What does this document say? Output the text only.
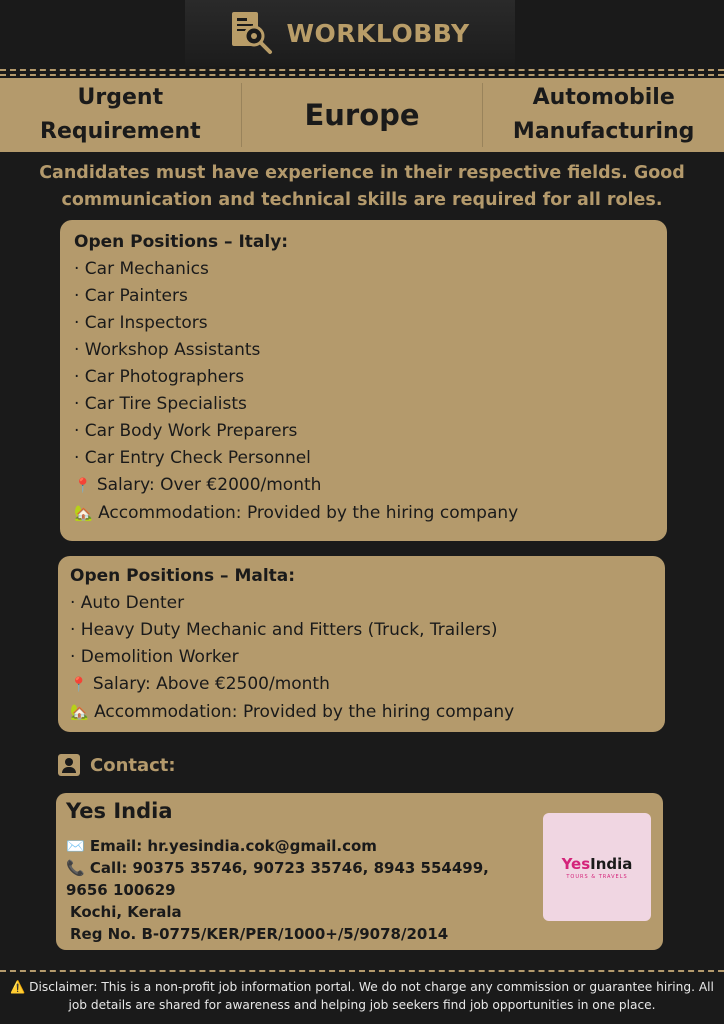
WORKLOBBY
Urgent
Requirement	Europe
Automobile
Manufacturing
Candidates must have experience in their respective fields. Good
communication and technical skills are required for all roles.
Open Positions – Italy:
· Car Mechanics
· Car Painters
· Car Inspectors
· Workshop Assistants
· Car Photographers
· Car Tire Specialists
· Car Body Work Preparers
· Car Entry Check Personnel
📍 Salary: Over €2000/month
🏡 Accommodation: Provided by the hiring company
Open Positions – Malta:
· Auto Denter
· Heavy Duty Mechanic and Fitters (Truck, Trailers)
· Demolition Worker
📍 Salary: Above €2500/month
🏡 Accommodation: Provided by the hiring company
Contact:
Yes India
✉️ Email: hr.yesindia.cok@gmail.com
📞 Call: 90375 35746, 90723 35746, 8943 554499, 9656 100629
Kochi, Kerala
Reg No. B-0775/KER/PER/1000+/5/9078/2014
YesIndia
TOURS & TRAVELS
⚠️ Disclaimer: This is a non-profit job information portal. We do not charge any commission or guarantee hiring. All job details are shared for awareness and helping job seekers find job opportunities in one place.
